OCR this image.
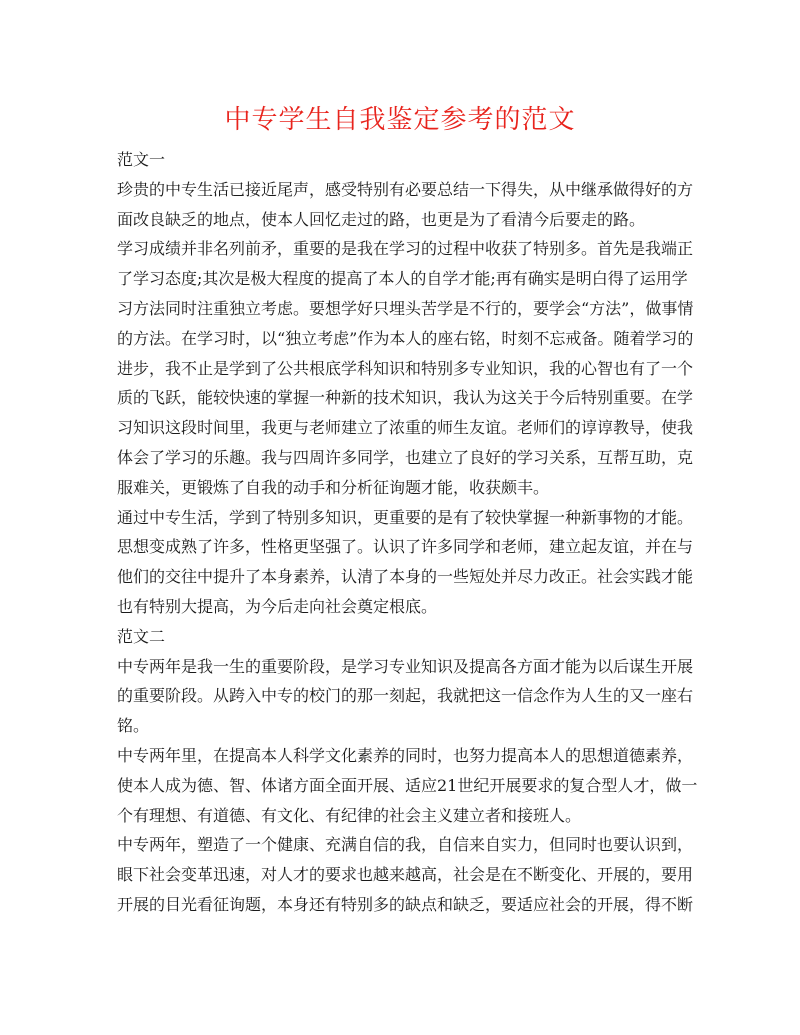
中专学生自我鉴定参考的范文
范文一
珍贵的中专生活已接近尾声，感受特别有必要总结一下得失，从中继承做得好的方
面改良缺乏的地点，使本人回忆走过的路，也更是为了看清今后要走的路。
学习成绩并非名列前矛，重要的是我在学习的过程中收获了特别多。首先是我端正
了学习态度;其次是极大程度的提高了本人的自学才能;再有确实是明白得了运用学
习方法同时注重独立考虑。要想学好只埋头苦学是不行的，要学会“方法”，做事情
的方法。在学习时，以“独立考虑”作为本人的座右铭，时刻不忘戒备。随着学习的
进步，我不止是学到了公共根底学科知识和特别多专业知识，我的心智也有了一个
质的飞跃，能较快速的掌握一种新的技术知识，我认为这关于今后特别重要。在学
习知识这段时间里，我更与老师建立了浓重的师生友谊。老师们的谆谆教导，使我
体会了学习的乐趣。我与四周许多同学，也建立了良好的学习关系，互帮互助，克
服难关，更锻炼了自我的动手和分析征询题才能，收获颇丰。
通过中专生活，学到了特别多知识，更重要的是有了较快掌握一种新事物的才能。
思想变成熟了许多，性格更坚强了。认识了许多同学和老师，建立起友谊，并在与
他们的交往中提升了本身素养，认清了本身的一些短处并尽力改正。社会实践才能
也有特别大提高，为今后走向社会奠定根底。
范文二
中专两年是我一生的重要阶段，是学习专业知识及提高各方面才能为以后谋生开展
的重要阶段。从跨入中专的校门的那一刻起，我就把这一信念作为人生的又一座右
铭。
中专两年里，在提高本人科学文化素养的同时，也努力提高本人的思想道德素养，
使本人成为德、智、体诸方面全面开展、适应21世纪开展要求的复合型人才，做一
个有理想、有道德、有文化、有纪律的社会主义建立者和接班人。
中专两年，塑造了一个健康、充满自信的我，自信来自实力，但同时也要认识到，
眼下社会变革迅速，对人才的要求也越来越高，社会是在不断变化、开展的，要用
开展的目光看征询题，本身还有特别多的缺点和缺乏，要适应社会的开展，得不断
